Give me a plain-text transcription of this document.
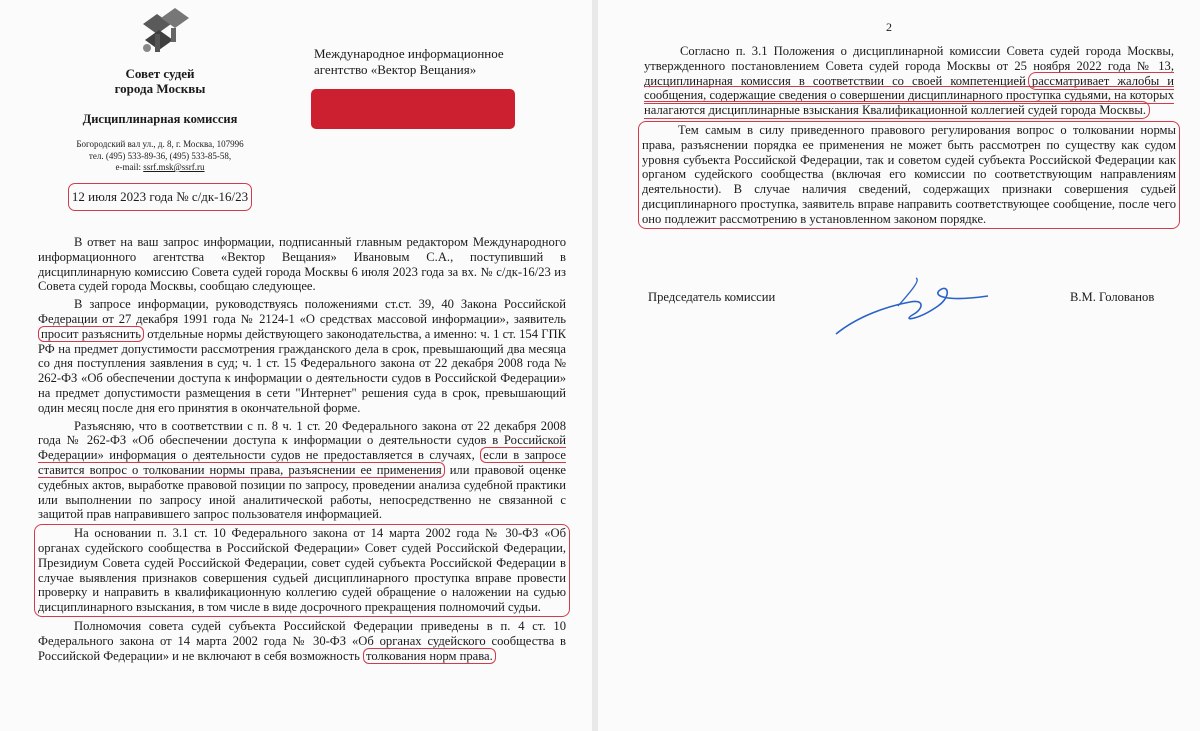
Совет судей
города Москвы
Дисциплинарная комиссия
Богородский вал ул., д. 8, г. Москва, 107996
тел. (495) 533-89-36, (495) 533-85-58,
e-mail: ssrf.msk@ssrf.ru
Международное информационное
агентство «Вектор Вещания»
12 июля 2023 года № с/дк-16/23

В ответ на ваш запрос информации, подписанный главным редактором Международного информационного агентства «Вектор Вещания» Ивановым С.А., поступивший в дисциплинарную комиссию Совета судей города Москвы 6 июля 2023 года за вх. № с/дк-16/23 из Совета судей города Москвы, сообщаю следующее.

В запросе информации, руководствуясь положениями ст.ст. 39, 40 Закона Российской Федерации от 27 декабря 1991 года № 2124-1 «О средствах массовой информации», заявитель просит разъяснить отдельные нормы действующего законодательства, а именно: ч. 1 ст. 154 ГПК РФ на предмет допустимости рассмотрения гражданского дела в срок, превышающий два месяца со дня поступления заявления в суд; ч. 1 ст. 15 Федерального закона от 22 декабря 2008 года № 262-ФЗ «Об обеспечении доступа к информации о деятельности судов в Российской Федерации» на предмет допустимости размещения в сети "Интернет" решения суда в срок, превышающий один месяц после дня его принятия в окончательной форме.

Разъясняю, что в соответствии с п. 8 ч. 1 ст. 20 Федерального закона от 22 декабря 2008 года № 262-ФЗ «Об обеспечении доступа к информации о деятельности судов в Российской Федерации» информация о деятельности судов не предоставляется в случаях, если в запросе ставится вопрос о толковании нормы права, разъяснении ее применения или правовой оценке судебных актов, выработке правовой позиции по запросу, проведении анализа судебной практики или выполнении по запросу иной аналитической работы, непосредственно не связанной с защитой прав направившего запрос пользователя информацией.

На основании п. 3.1 ст. 10 Федерального закона от 14 марта 2002 года № 30-ФЗ «Об органах судейского сообщества в Российской Федерации» Совет судей Российской Федерации, Президиум Совета судей Российской Федерации, совет судей субъекта Российской Федерации в случае выявления признаков совершения судьей дисциплинарного проступка вправе провести проверку и направить в квалификационную коллегию судей обращение о наложении на судью дисциплинарного взыскания, в том числе в виде досрочного прекращения полномочий судьи.

Полномочия совета судей субъекта Российской Федерации приведены в п. 4 ст. 10 Федерального закона от 14 марта 2002 года № 30-ФЗ «Об органах судейского сообщества в Российской Федерации» и не включают в себя возможность толкования норм права.

2

Согласно п. 3.1 Положения о дисциплинарной комиссии Совета судей города Москвы, утвержденного постановлением Совета судей города Москвы от 25 ноября 2022 года № 13, дисциплинарная комиссия в соответствии со своей компетенцией рассматривает жалобы и сообщения, содержащие сведения о совершении дисциплинарного проступка судьями, на которых налагаются дисциплинарные взыскания Квалификационной коллегией судей города Москвы.

Тем самым в силу приведенного правового регулирования вопрос о толковании нормы права, разъяснении порядка ее применения не может быть рассмотрен по существу как судом уровня субъекта Российской Федерации, так и советом судей субъекта Российской Федерации как органом судейского сообщества (включая его комиссии по соответствующим направлениям деятельности). В случае наличия сведений, содержащих признаки совершения судьей дисциплинарного проступка, заявитель вправе направить соответствующее сообщение, после чего оно подлежит рассмотрению в установленном законом порядке.

Председатель комиссии	В.М. Голованов
